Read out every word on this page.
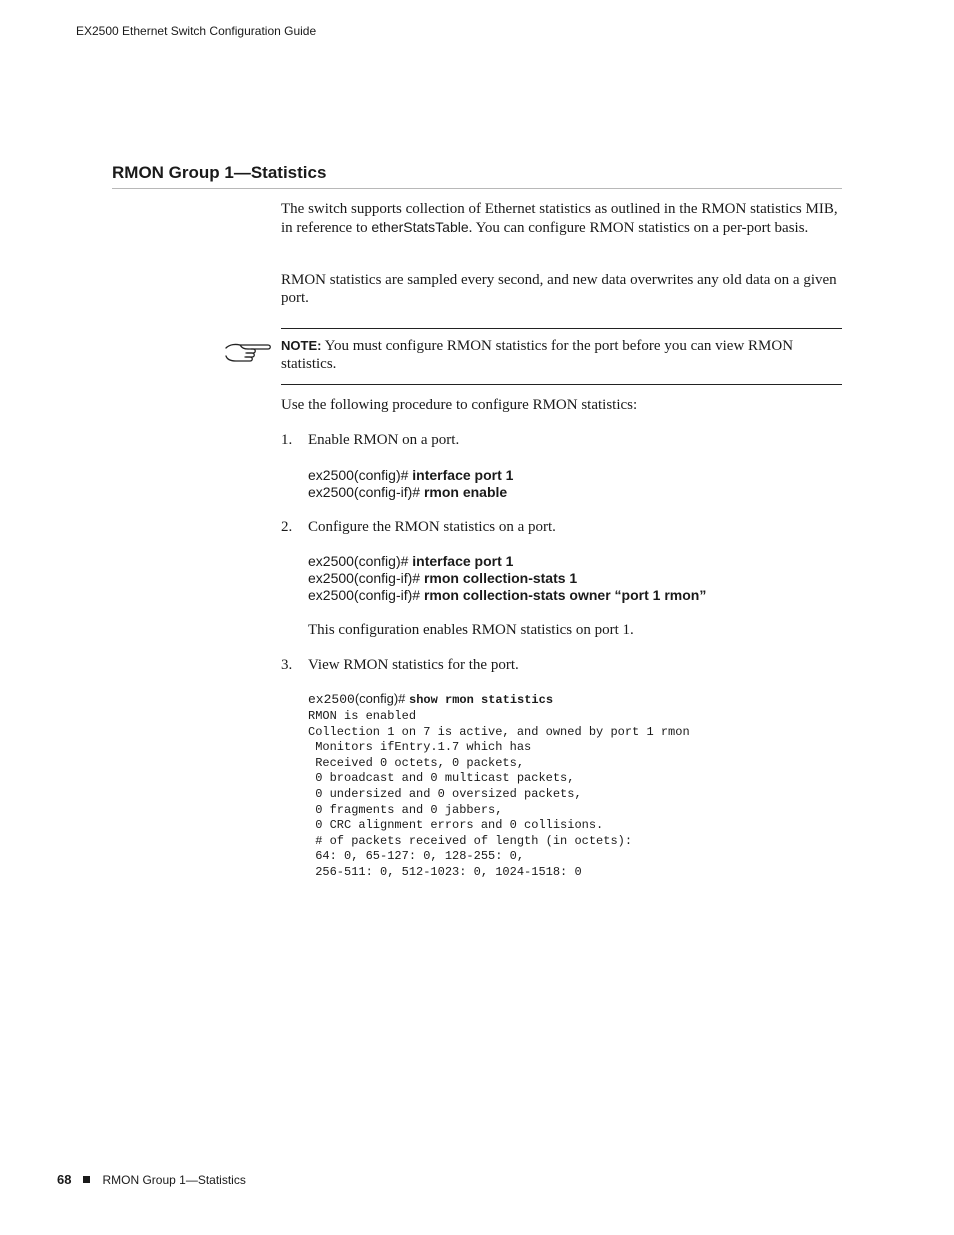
EX2500 Ethernet Switch Configuration Guide
RMON Group 1—Statistics
The switch supports collection of Ethernet statistics as outlined in the RMON statistics MIB, in reference to etherStatsTable. You can configure RMON statistics on a per-port basis.
RMON statistics are sampled every second, and new data overwrites any old data on a given port.
NOTE: You must configure RMON statistics for the port before you can view RMON statistics.
Use the following procedure to configure RMON statistics:
1. Enable RMON on a port.
ex2500(config)# interface port 1
ex2500(config-if)# rmon enable
2. Configure the RMON statistics on a port.
ex2500(config)# interface port 1
ex2500(config-if)# rmon collection-stats 1
ex2500(config-if)# rmon collection-stats owner “port 1 rmon”
This configuration enables RMON statistics on port 1.
3. View RMON statistics for the port.
ex2500(config)# show rmon statistics
RMON is enabled
Collection 1 on 7 is active, and owned by port 1 rmon
Monitors ifEntry.1.7 which has
Received 0 octets, 0 packets,
0 broadcast and 0 multicast packets,
0 undersized and 0 oversized packets,
0 fragments and 0 jabbers,
0 CRC alignment errors and 0 collisions.
# of packets received of length (in octets):
64: 0, 65-127: 0, 128-255: 0,
256-511: 0, 512-1023: 0, 1024-1518: 0
68	RMON Group 1—Statistics
